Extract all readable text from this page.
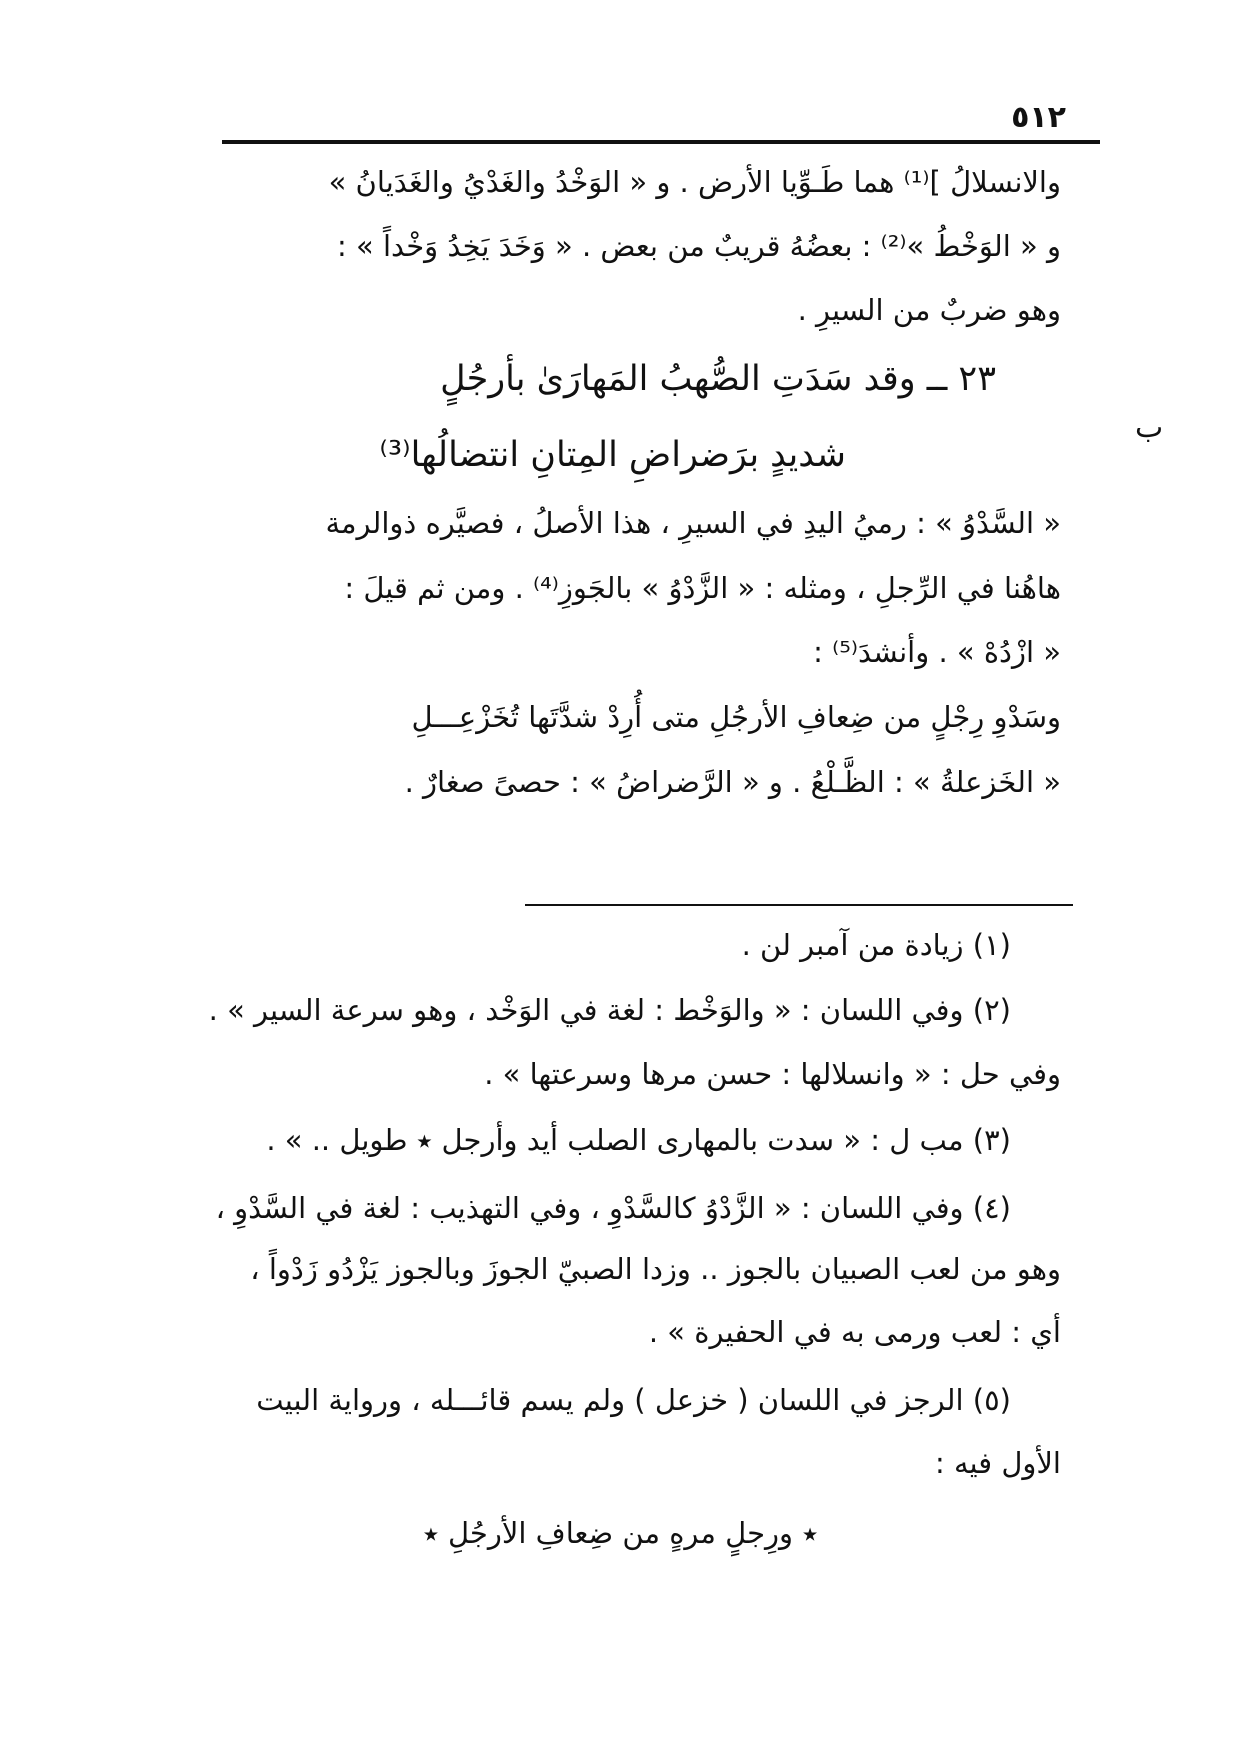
٥١٢
ب
والانسلالُ ]⁽¹⁾ هما طَـوِّيا الأرض . و « الوَخْدُ والغَدْيُ والغَدَيانُ »
و « الوَخْطُ »⁽²⁾ : بعضُهُ قريبٌ من بعض . « وَخَدَ يَخِدُ وَخْداً » :
وهو ضربٌ من السيرِ .
٢٣ ــ وقد سَدَتِ الصُّهبُ المَهارَىٰ بأرجُلٍ
شديدٍ برَضراضِ المِتانِ انتضالُها⁽³⁾
« السَّدْوُ » : رميُ اليدِ في السيرِ ، هذا الأصلُ ، فصيَّره ذوالرمة
هاهُنا في الرِّجلِ ، ومثله : « الزَّدْوُ » بالجَوزِ⁽⁴⁾ . ومن ثم قيلَ :
« ازْدُهْ » . وأنشدَ⁽⁵⁾ :
وسَدْوِ رِجْلٍ من ضِعافِ الأرجُلِ متى أُرِدْ شدَّتَها تُخَزْعِـــلِ
« الخَزعلةُ » : الظَّـلْعُ . و « الرَّضراضُ » : حصىً صغارٌ .
(١) زيادة من آمبر لن .
(٢) وفي اللسان : « والوَخْط : لغة في الوَخْد ، وهو سرعة السير » .
وفي حل : « وانسلالها : حسن مرها وسرعتها » .
(٣) مب ل : « سدت بالمهارى الصلب أيد وأرجل ⭑ طويل .. » .
(٤) وفي اللسان : « الزَّدْوُ كالسَّدْوِ ، وفي التهذيب : لغة في السَّدْوِ ،
وهو من لعب الصبيان بالجوز .. وزدا الصبيّ الجوزَ وبالجوز يَزْدُو زَدْواً ،
أي : لعب ورمى به في الحفيرة » .
(٥) الرجز في اللسان ( خزعل ) ولم يسم قائـــله ، ورواية البيت
الأول فيه :
⭑ ورِجلٍ مرهٍ من ضِعافِ الأرجُلِ ⭑
